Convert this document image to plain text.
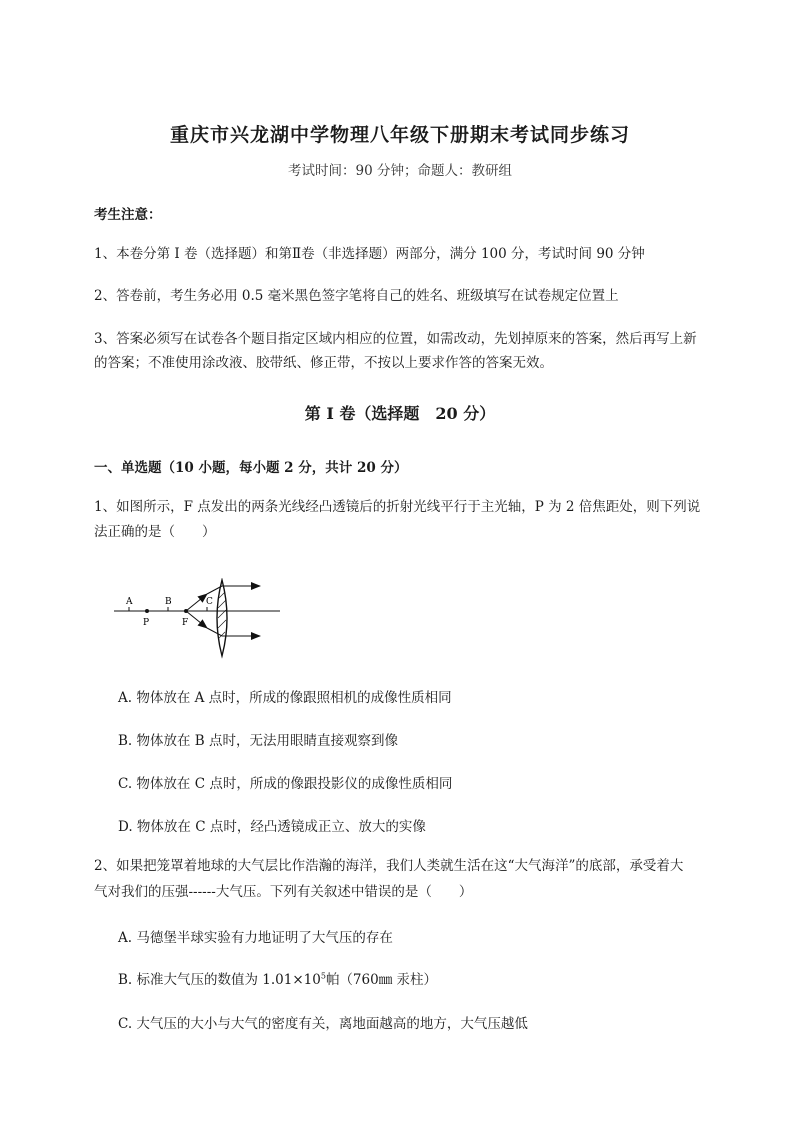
重庆市兴龙湖中学物理八年级下册期末考试同步练习
考试时间：90 分钟；命题人：教研组
考生注意：
1、本卷分第 I 卷（选择题）和第Ⅱ卷（非选择题）两部分，满分 100 分，考试时间 90 分钟
2、答卷前，考生务必用 0.5 毫米黑色签字笔将自己的姓名、班级填写在试卷规定位置上
3、答案必须写在试卷各个题目指定区域内相应的位置，如需改动，先划掉原来的答案，然后再写上新
的答案；不准使用涂改液、胶带纸、修正带，不按以上要求作答的答案无效。
第 I 卷（选择题 20 分）
一、单选题（10 小题，每小题 2 分，共计 20 分）
1、如图所示，F 点发出的两条光线经凸透镜后的折射光线平行于主光轴，P 为 2 倍焦距处，则下列说
法正确的是（　　）
A	B	C
P	F
A. 物体放在 A 点时，所成的像跟照相机的成像性质相同
B. 物体放在 B 点时，无法用眼睛直接观察到像
C. 物体放在 C 点时，所成的像跟投影仪的成像性质相同
D. 物体放在 C 点时，经凸透镜成正立、放大的实像
2、如果把笼罩着地球的大气层比作浩瀚的海洋，我们人类就生活在这“大气海洋”的底部，承受着大
气对我们的压强------大气压。下列有关叙述中错误的是（　　）
A. 马德堡半球实验有力地证明了大气压的存在
B. 标准大气压的数值为 $1.01\times 10^5$帕（760㎜ 汞柱）
C. 大气压的大小与大气的密度有关，离地面越高的地方，大气压越低
